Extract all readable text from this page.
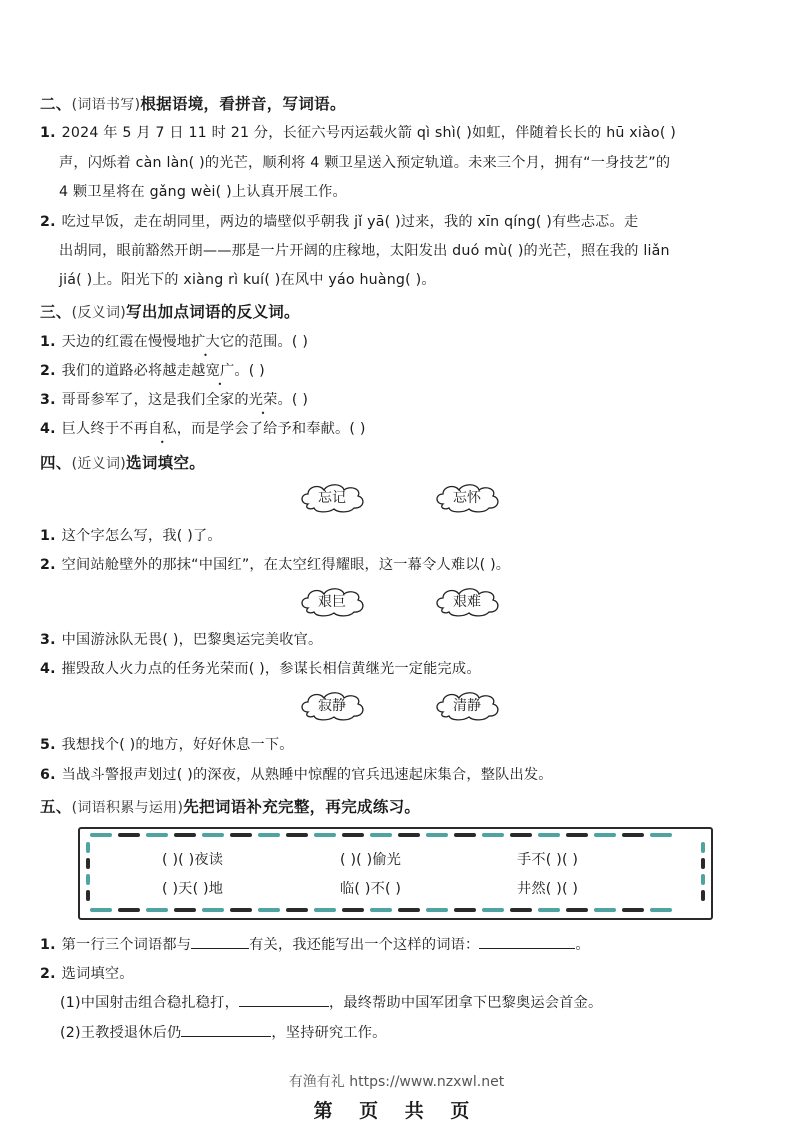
二、(词语书写)根据语境，看拼音，写词语。
1. 2024 年 5 月 7 日 11 时 21 分，长征六号丙运载火箭 qì shì( )如虹，伴随着长长的 hū xiào( )
声，闪烁着 càn làn( )的光芒，顺利将 4 颗卫星送入预定轨道。未来三个月，拥有“一身技艺”的
4 颗卫星将在 gǎng wèi( )上认真开展工作。
2. 吃过早饭，走在胡同里，两边的墙壁似乎朝我 jǐ yā( )过来，我的 xīn qíng( )有些忐忑。走
出胡同，眼前豁然开朗——那是一片开阔的庄稼地，太阳发出 duó mù( )的光芒，照在我的 liǎn
jiá( )上。阳光下的 xiàng rì kuí( )在风中 yáo huàng( )。
三、(反义词)写出加点词语的反义词。
1. 天边的红霞在慢慢地扩大它的范围。( )
2. 我们的道路必将越走越宽广。( )
3. 哥哥参军了，这是我们全家的光荣。( )
4. 巨人终于不再自私，而是学会了给予和奉献。( )
四、(近义词)选词填空。
忘记	忘怀
1. 这个字怎么写，我( )了。
2. 空间站舱壁外的那抹“中国红”，在太空红得耀眼，这一幕令人难以( )。
艰巨	艰难
3. 中国游泳队无畏( )，巴黎奥运完美收官。
4. 摧毁敌人火力点的任务光荣而( )，参谋长相信黄继光一定能完成。
寂静	清静
5. 我想找个( )的地方，好好休息一下。
6. 当战斗警报声划过( )的深夜，从熟睡中惊醒的官兵迅速起床集合，整队出发。
五、(词语积累与运用)先把词语补充完整，再完成练习。
( )( )夜读	( )( )偷光	手不( )( )
( )天( )地	临( )不( )	井然( )( )
1. 第一行三个词语都与	有关，我还能写出一个这样的词语：	。
2. 选词填空。
(1)中国射击组合稳扎稳打，	，最终帮助中国军团拿下巴黎奥运会首金。
(2)王教授退休后仍	，坚持研究工作。
有渔有礼 https://www.nzxwl.net
第 页 共 页
